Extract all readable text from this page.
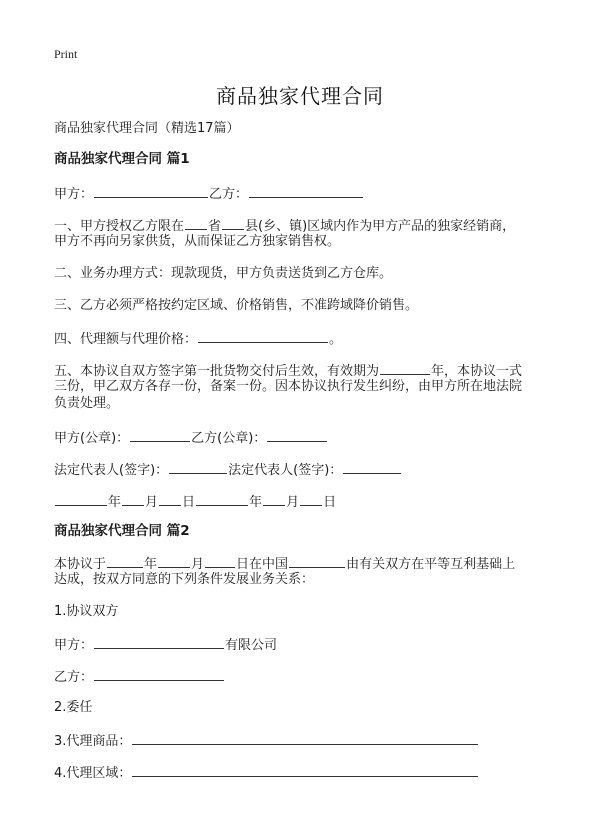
Print
商品独家代理合同
商品独家代理合同（精选17篇）
商品独家代理合同 篇1
甲方：	乙方：
一、甲方授权乙方限在 省 县(乡、镇)区域内作为甲方产品的独家经销商，
甲方不再向另家供货，从而保证乙方独家销售权。
二、业务办理方式：现款现货，甲方负责送货到乙方仓库。
三、乙方必须严格按约定区域、价格销售，不准跨域降价销售。
四、代理额与代理价格：	。
五、本协议自双方签字第一批货物交付后生效，有效期为	年，本协议一式
三份，甲乙双方各存一份，备案一份。因本协议执行发生纠纷，由甲方所在地法院
负责处理。
甲方(公章)：	乙方(公章)：
法定代表人(签字)：	法定代表人(签字)：
年 月 日	年 月 日
商品独家代理合同 篇2
本协议于	年	月 日在中国	由有关双方在平等互利基础上
达成，按双方同意的下列条件发展业务关系：
1.协议双方
甲方：	有限公司
乙方：
2.委任
3.代理商品：
4.代理区域：
